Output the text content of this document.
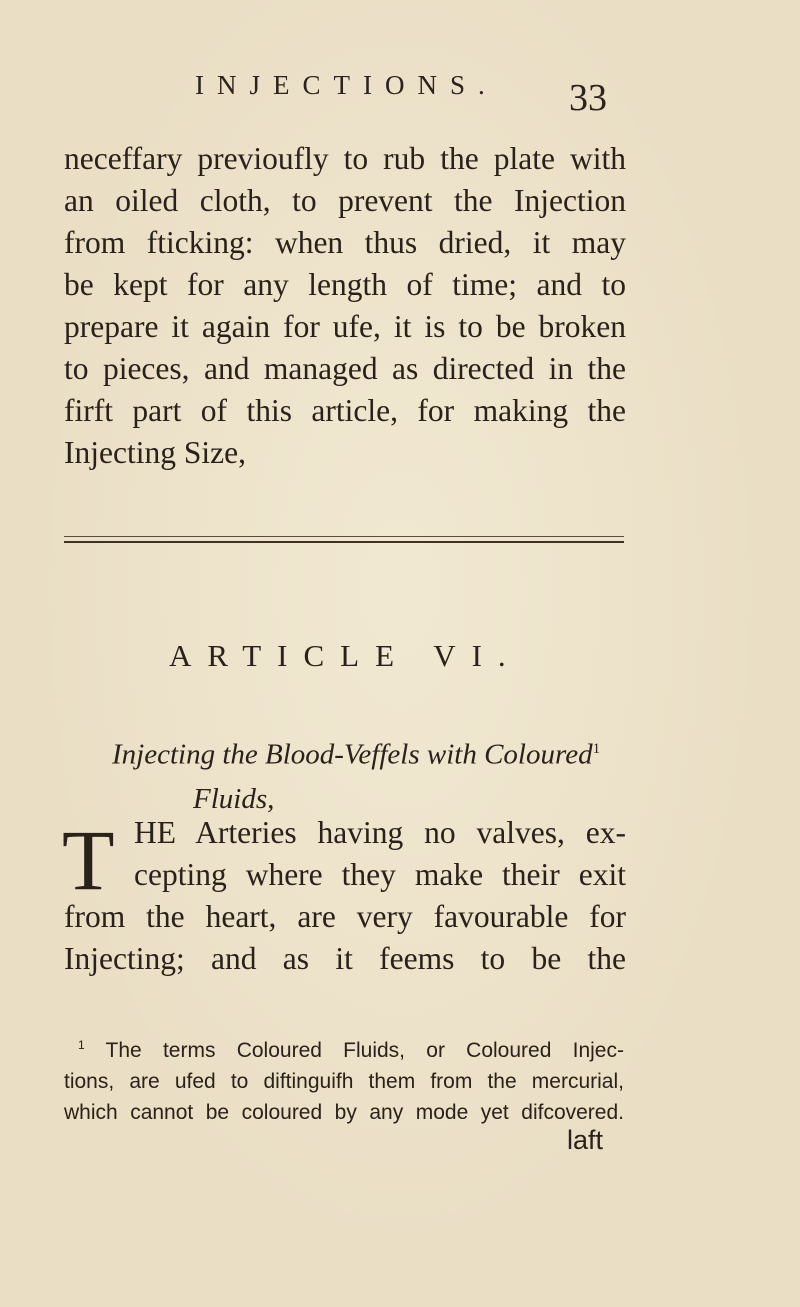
INJECTIONS. 33
neceffary previoufly to rub the plate with
an oiled cloth, to prevent the Injection
from fticking: when thus dried, it may
be kept for any length of time; and to
prepare it again for ufe, it is to be broken
to pieces, and managed as directed in the
firft part of this article, for making the
Injecting Size,
ARTICLE VI.
Injecting the Blood-Veffels with Coloured$^1$
Fluids,
T HE Arteries having no valves, ex-
cepting where they make their exit
from the heart, are very favourable for
Injecting; and as it feems to be the
$^1$ The terms Coloured Fluids, or Coloured Injec-
tions, are ufed to diftinguifh them from the mercurial,
which cannot be coloured by any mode yet difcovered.
laft
